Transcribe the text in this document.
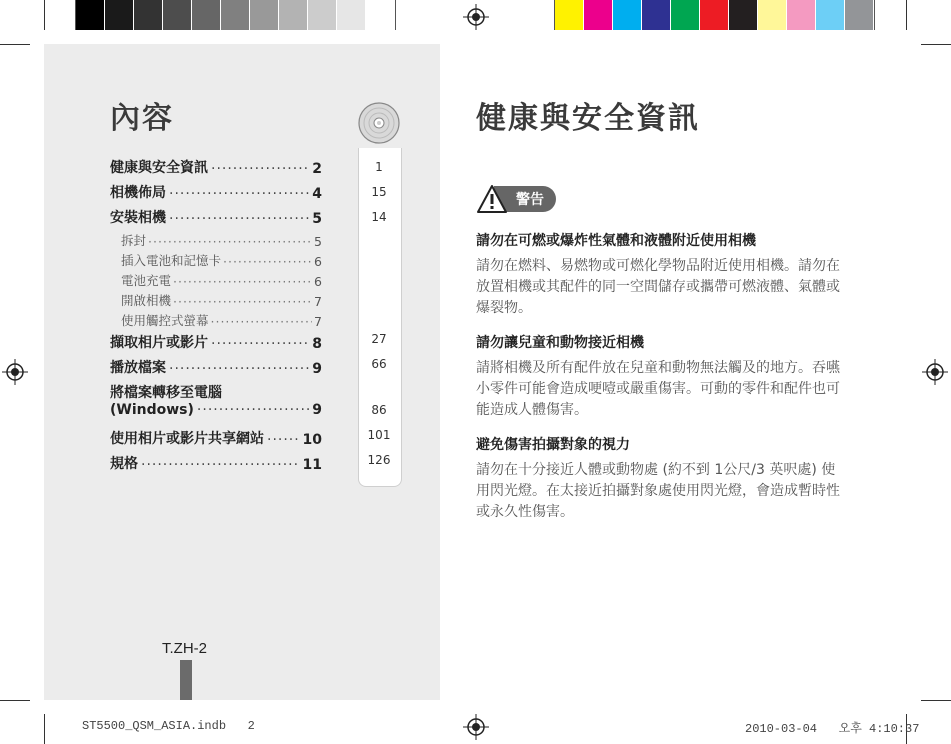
內容
健康與安全資訊 ·····	2
相機佈局 ·····	4
安裝相機 ·····	5
拆封 ·····	5
插入電池和記憶卡 ·····	6
電池充電 ·····	6
開啟相機 ·····	7
使用觸控式螢幕 ·····	7
擷取相片或影片 ·····	8
播放檔案 ·····	9
將檔案轉移至電腦
(Windows) ·····	9
使用相片或影片共享網站 ·····	10
規格 ·····	11
1
15
14
27
66
86
101
126
T.ZH-2
健康與安全資訊
警告
請勿在可燃或爆炸性氣體和液體附近使用相機
請勿在燃料、易燃物或可燃化學物品附近使用相機。請勿在放置相機或其配件的同一空間儲存或攜帶可燃液體、氣體或爆裂物。
請勿讓兒童和動物接近相機
請將相機及所有配件放在兒童和動物無法觸及的地方。吞嚥小零件可能會造成哽噎或嚴重傷害。可動的零件和配件也可能造成人體傷害。
避免傷害拍攝對象的視力
請勿在十分接近人體或動物處 (約不到 1公尺/3 英呎處) 使用閃光燈。在太接近拍攝對象處使用閃光燈，會造成暫時性或永久性傷害。
ST5500_QSM_ASIA.indb   2	2010-03-04   오후 4:10:37
